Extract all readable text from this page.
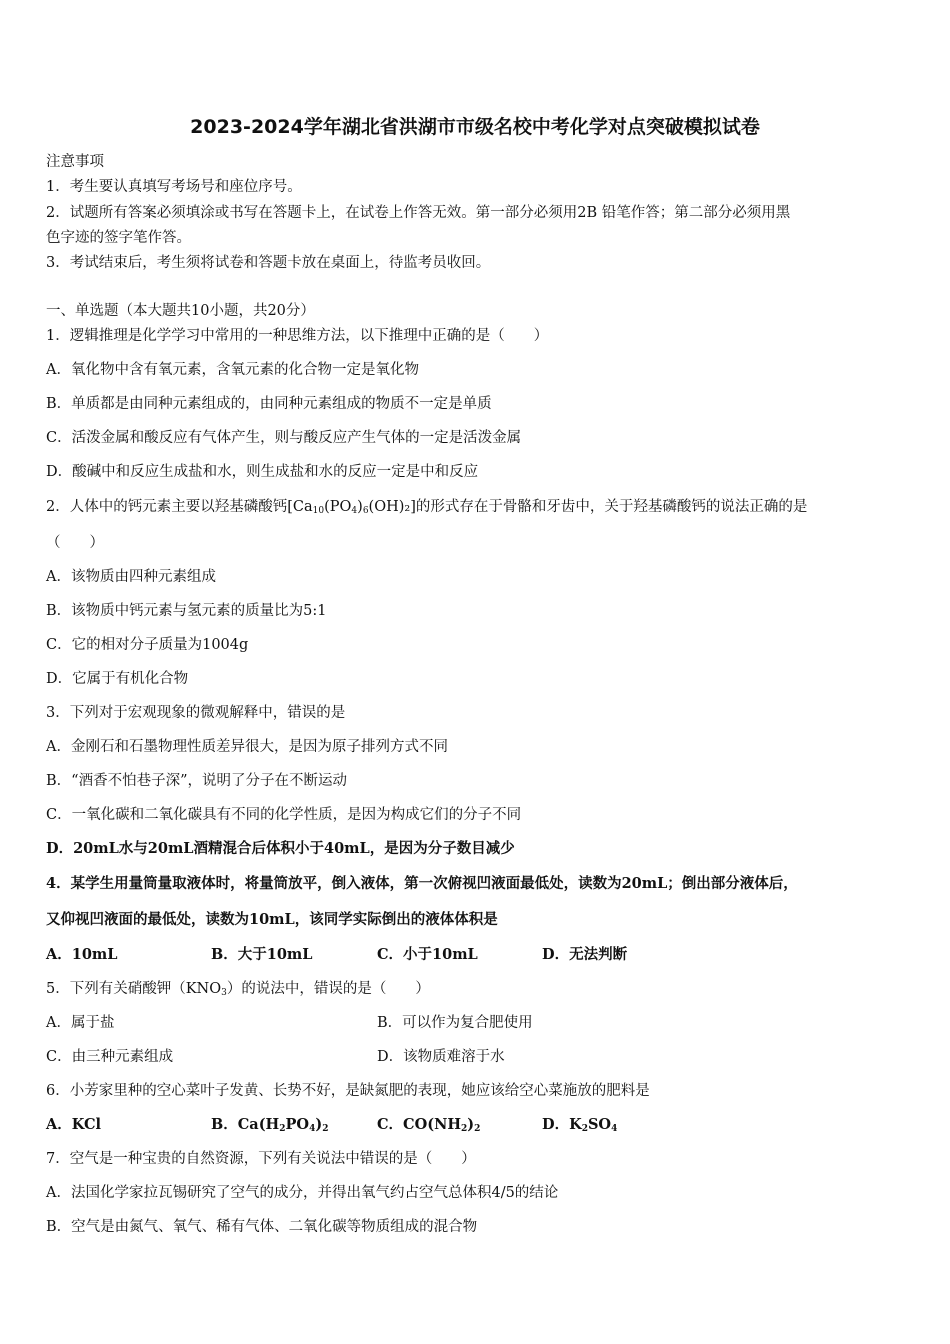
2023-2024学年湖北省洪湖市市级名校中考化学对点突破模拟试卷
注意事项
1．考生要认真填写考场号和座位序号。
2．试题所有答案必须填涂或书写在答题卡上，在试卷上作答无效。第一部分必须用2B 铅笔作答；第二部分必须用黑
色字迹的签字笔作答。
3．考试结束后，考生须将试卷和答题卡放在桌面上，待监考员收回。
一、单选题（本大题共10小题，共20分）
1．逻辑推理是化学学习中常用的一种思维方法，以下推理中正确的是（　　）
A．氧化物中含有氧元素，含氧元素的化合物一定是氧化物
B．单质都是由同种元素组成的，由同种元素组成的物质不一定是单质
C．活泼金属和酸反应有气体产生，则与酸反应产生气体的一定是活泼金属
D．酸碱中和反应生成盐和水，则生成盐和水的反应一定是中和反应
2．人体中的钙元素主要以羟基磷酸钙$[Ca_{10}(PO_4)_6(OH)_2]$的形式存在于骨骼和牙齿中，关于羟基磷酸钙的说法正确的是
（　　）
A．该物质由四种元素组成
B．该物质中钙元素与氢元素的质量比为5:1
C．它的相对分子质量为1004g
D．它属于有机化合物
3．下列对于宏观现象的微观解释中，错误的是
A．金刚石和石墨物理性质差异很大，是因为原子排列方式不同
B．“酒香不怕巷子深”，说明了分子在不断运动
C．一氧化碳和二氧化碳具有不同的化学性质，是因为构成它们的分子不同
D．20mL水与20mL酒精混合后体积小于40mL，是因为分子数目减少
4．某学生用量筒量取液体时，将量筒放平，倒入液体，第一次俯视凹液面最低处，读数为20mL；倒出部分液体后，
又仰视凹液面的最低处，读数为10mL，该同学实际倒出的液体体积是
A．10mL	B．大于10mL	C．小于10mL	D．无法判断
5．下列有关硝酸钾$(KNO_3)$的说法中，错误的是（　　）
A．属于盐	B．可以作为复合肥使用
C．由三种元素组成	D．该物质难溶于水
6．小芳家里种的空心菜叶子发黄、长势不好，是缺氮肥的表现，她应该给空心菜施放的肥料是
A．KCl	B．$Ca(H_2PO_4)_2$	C．$CO(NH_2)_2$	D．$K_2SO_4$
7．空气是一种宝贵的自然资源，下列有关说法中错误的是（　　）
A．法国化学家拉瓦锡研究了空气的成分，并得出氧气约占空气总体积4/5的结论
B．空气是由氮气、氧气、稀有气体、二氧化碳等物质组成的混合物
